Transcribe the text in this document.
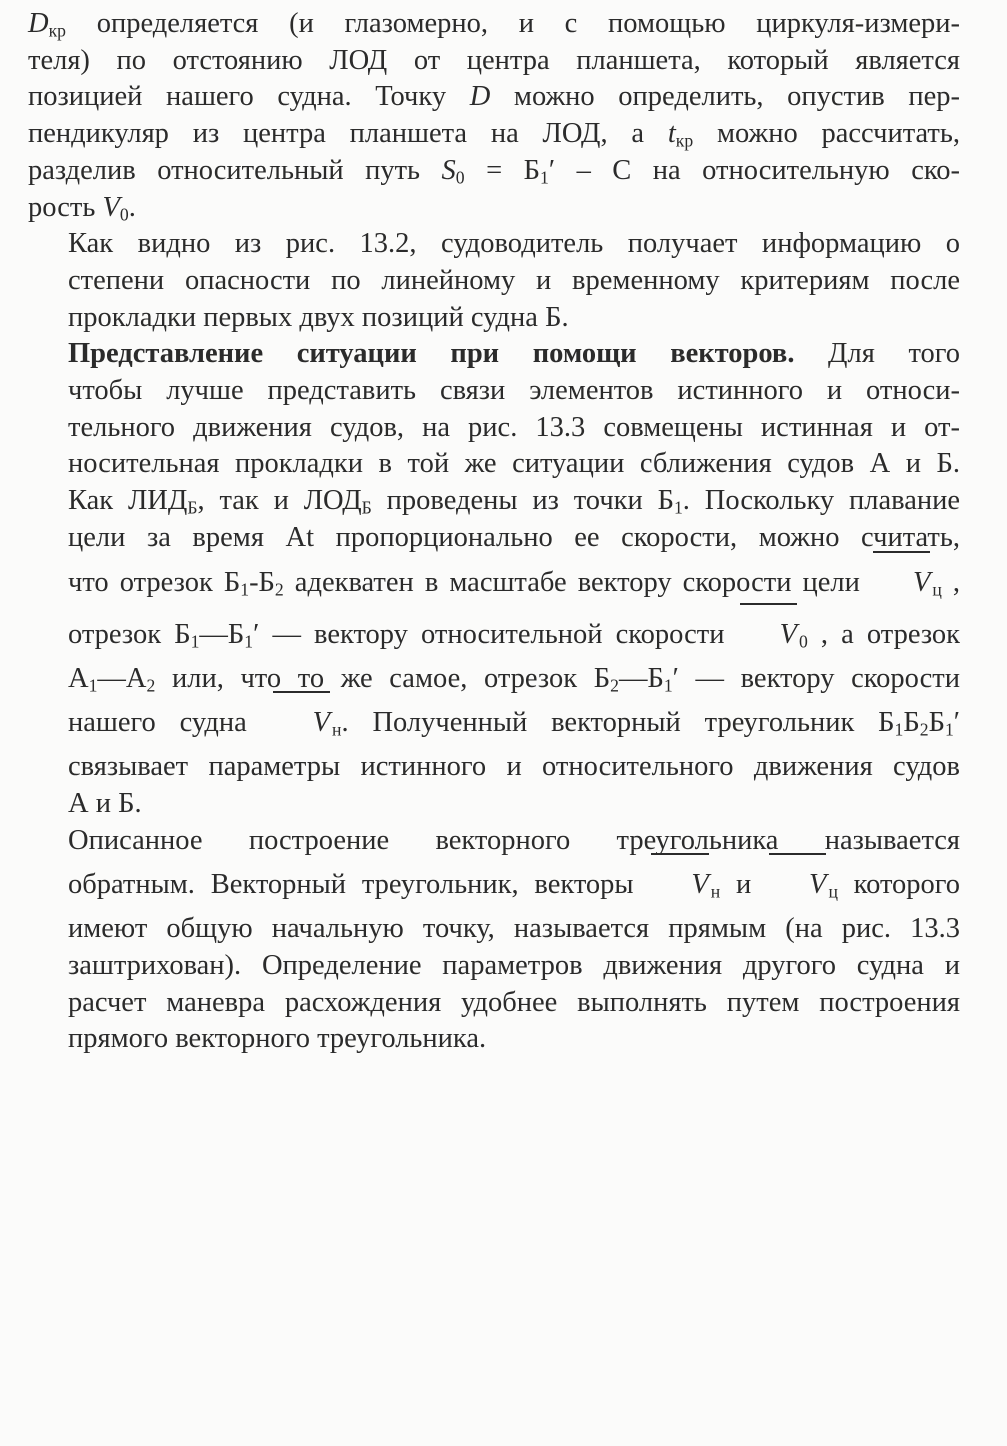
$D_{кр}$ определяется (и глазомерно, и с помощью циркуля-измери-
теля) по отстоянию ЛОД от центра планшета, который является
позицией нашего судна. Точку D можно определить, опустив пер-
пендикуляр из центра планшета на ЛОД, а $t_{кр}$ можно рассчитать,
разделив относительный путь $S_0 = Б_1' - С$ на относительную ско-
рость $V_0$.
Как видно из рис. 13.2, судоводитель получает информацию о
степени опасности по линейному и временному критериям после
прокладки первых двух позиций судна Б.
Представление ситуации при помощи векторов. Для того
чтобы лучше представить связи элементов истинного и относи-
тельного движения судов, на рис. 13.3 совмещены истинная и от-
носительная прокладки в той же ситуации сближения судов А и Б.
Как $ЛИД_Б$, так и $ЛОД_Б$ проведены из точки $Б_1$. Поскольку плавание
цели за время At пропорционально ее скорости, можно считать,
что отрезок $Б_1-Б_2$ адекватен в масштабе вектору скорости цели V $_ц$ ,
отрезок $Б_1—Б_1'$ — вектору относительной скорости V $_0$ , а отрезок
$А_1—А_2$ или, что то же самое, отрезок $Б_2—Б_1'$ — вектору скорости
нашего судна V $_н$. Полученный векторный треугольник $Б_1Б_2Б_1'$
связывает параметры истинного и относительного движения судов
А и Б.
Описанное построение векторного треугольника называется
обратным. Векторный треугольник, векторы V $_н$ и V $_ц$ которого
имеют общую начальную точку, называется прямым (на рис. 13.3
заштрихован). Определение параметров движения другого судна и
расчет маневра расхождения удобнее выполнять путем построения
прямого векторного треугольника.
